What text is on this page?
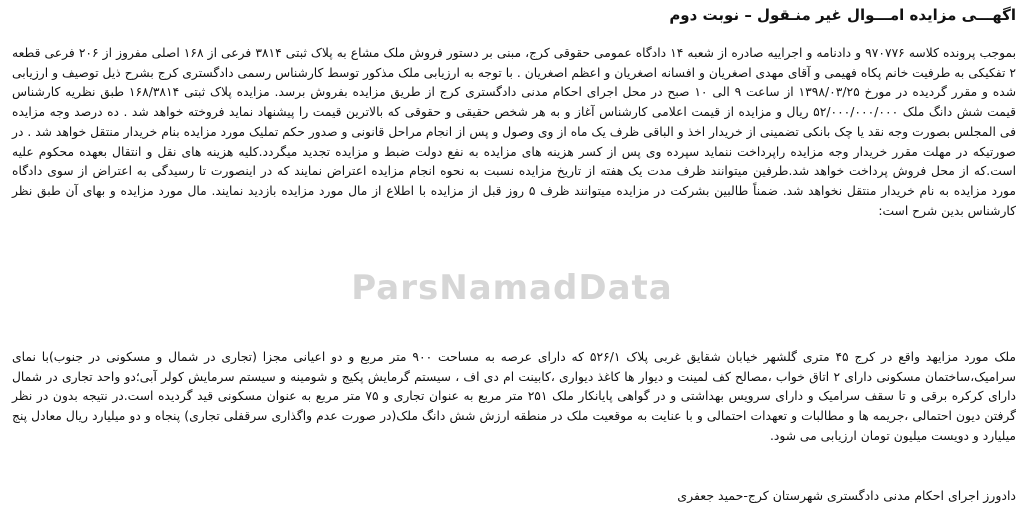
اگهـــی مزایده امـــوال غیر منـقول – نوبت دوم
بموجب پرونده کلاسه ۹۷۰۷۷۶ و دادنامه و اجراییه صادره از شعبه ۱۴ دادگاه عمومی حقوقی کرج، مبنی بر دستور فروش ملک مشاع به پلاک ثبتی ۳۸۱۴ فرعی از ۱۶۸ اصلی مفروز از ۲۰۶ فرعی قطعه ۲ تفکیکی به طرفیت خانم پکاه فهیمی و آقای مهدی اصغریان و افسانه اصغریان و اعظم اصغریان . با توجه به ارزیابی ملک مذکور توسط کارشناس رسمی دادگستری کرج بشرح ذیل توصیف و ارزیابی شده و مقرر گردیده در مورخ ۱۳۹۸/۰۳/۲۵ از ساعت ۹ الی ۱۰ صبح در محل اجرای احکام مدنی دادگستری کرج از طریق مزایده بفروش برسد. مزایده پلاک ثبتی ۱۶۸/۳۸۱۴ طبق نظریه کارشناس قیمت شش دانگ ملک ۵۲/۰۰۰/۰۰۰/۰۰۰ ریال و مزایده از قیمت اعلامی کارشناس آغاز و به هر شخص حقیقی و حقوقی که بالاترین قیمت را پیشنهاد نماید فروخته خواهد شد . ده درصد وجه مزایده فی المجلس بصورت وجه نقد یا چک بانکی تضمینی از خریدار اخذ و الباقی ظرف یک ماه از وی وصول و پس از انجام مراحل قانونی و صدور حکم تملیک مورد مزایده بنام خریدار منتقل خواهد شد . در صورتیکه در مهلت مقرر خریدار وجه مزایده راپرداخت ننماید سپرده وی پس از کسر هزینه های مزایده به نفع دولت ضبط و مزایده تجدید میگردد.کلیه هزینه های نقل و انتقال بعهده محکوم علیه است.که از محل فروش پرداخت خواهد شد.طرفین میتوانند ظرف مدت یک هفته از تاریخ مزایده نسبت به نحوه انجام مزایده اعتراض نمایند که در اینصورت تا رسیدگی به اعتراض از سوی دادگاه مورد مزایده به نام خریدار منتقل نخواهد شد. ضمناً طالبین بشرکت در مزایده میتوانند ظرف ۵ روز قبل از مزایده با اطلاع از مال مورد مزایده بازدید نمایند. مال مورد مزایده و بهای آن طبق نظر کارشناس بدین شرح است:
ملک مورد مزایهد واقع در کرج ۴۵ متری گلشهر خیابان شقایق غربی پلاک ۵۲۶/۱ که دارای عرصه به مساحت ۹۰۰ متر مربع و دو اعیانی مجزا (تجاری در شمال و مسکونی در جنوب)با نمای سرامیک،ساختمان مسکونی دارای ۲ اتاق خواب ،مصالح کف لمینت و دیوار ها کاغذ دیواری ،کابینت ام دی اف ، سیستم گرمایش پکیج و شومینه و سیستم سرمایش کولر آبی؛دو واحد تجاری در شمال دارای کرکره برقی و تا سقف سرامیک و دارای سرویس بهداشتی و در گواهی پایانکار ملک ۲۵۱ متر مربع به عنوان تجاری و ۷۵ متر مربع به عنوان مسکونی قید گردیده است.در نتیجه بدون در نظر گرفتن دیون احتمالی ،جریمه ها و مطالبات و تعهدات احتمالی و با عنایت به موقعیت ملک در منطقه ارزش شش دانگ ملک(در صورت عدم واگذاری سرقفلی تجاری) پنجاه و دو میلیارد ریال معادل پنج میلیارد و دویست میلیون تومان ارزیابی می شود.
دادورز اجرای احکام مدنی دادگستری شهرستان کرج-حمید جعفری
ParsNamadData
